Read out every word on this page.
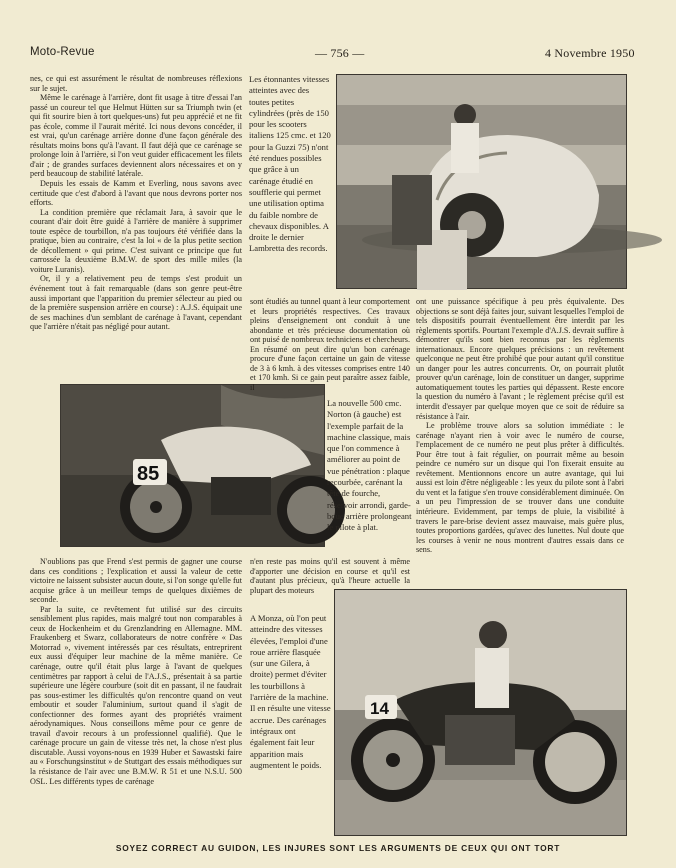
Moto-Revue	— 756 —	4 Novembre 1950

nes, ce qui est assurément le résultat de nombreuses réflexions sur le sujet.

Même le carénage à l'arrière, dont fit usage à titre d'essai l'an passé un coureur tel que Helmut Hütten sur sa Triumph twin (et qui fit sourire bien à tort quelques-uns) fut peu apprécié et ne fit pas école, comme il l'aurait mérité. Ici nous devons concéder, il est vrai, qu'un carénage arrière donne d'une façon générale des résultats moins bons qu'à l'avant. Il faut déjà que ce carénage se prolonge loin à l'arrière, si l'on veut guider efficacement les filets d'air ; de grandes surfaces deviennent alors nécessaires et on y perd beaucoup de stabilité latérale.

Depuis les essais de Kamm et Everling, nous savons avec certitude que c'est d'abord à l'avant que nous devrons porter nos efforts.

La condition première que réclamait Jara, à savoir que le courant d'air doit être guidé à l'arrière de manière à supprimer toute espèce de tourbillon, n'a pas toujours été vérifiée dans la pratique, bien au contraire, c'est la loi « de la plus petite section de décollement » qui prime. C'est suivant ce principe que fut carrossée la deuxième B.M.W. de sport des mille miles (la voiture Luranis).

Or, il y a relativement peu de temps s'est produit un événement tout à fait remarquable (dans son genre peut-être aussi important que l'apparition du premier sélecteur au pied ou de la première suspension arrière en course) : A.J.S. équipait une de ses machines d'un semblant de carénage à l'avant, cependant que l'arrière n'était pas négligé pour autant.

Les étonnantes vitesses atteintes avec des toutes petites cylindrées (près de 150 pour les scooters italiens 125 cmc. et 120 pour la Guzzi 75) n'ont été rendues possibles que grâce à un carénage étudié en soufflerie qui permet une utilisation optima du faible nombre de chevaux disponibles. A droite le dernier Lambretta des records.

85

La nouvelle 500 cmc. Norton (à gauche) est l'exemple parfait de la machine classique, mais que l'on commence à améliorer au point de vue pénétration : plaque recourbée, carénant la tête de fourche, réservoir arrondi, garde-boue arrière prolongeant le pilote à plat.

sont étudiés au tunnel quant à leur comportement et leurs propriétés respectives. Ces travaux pleins d'enseignement ont conduit à une abondante et très précieuse documentation où ont puisé de nombreux techniciens et chercheurs. En résumé on peut dire qu'un bon carénage procure d'une façon certaine un gain de vitesse de 3 à 6 kmh. à des vitesses comprises entre 140 et 170 kmh. Si ce gain peut paraître assez faible, il

ont une puissance spécifique à peu près équivalente. Des objections se sont déjà faites jour, suivant lesquelles l'emploi de tels dispositifs pourrait éventuellement être interdit par les règlements sportifs. Pourtant l'exemple d'A.J.S. devrait suffire à démontrer qu'ils sont bien reconnus par les règlements internationaux. Encore quelques précisions : un revêtement quelconque ne peut être prohibé que pour autant qu'il constitue un danger pour les autres concurrents. Or, on pourrait plutôt prouver qu'un carénage, loin de constituer un danger, supprime automatiquement toutes les parties qui dépassent. Reste encore la question du numéro à l'avant ; le règlement précise qu'il est interdit d'essayer par quelque moyen que ce soit de réduire sa résistance à l'air.

Le problème trouve alors sa solution immédiate : le carénage n'ayant rien à voir avec le numéro de course, l'emplacement de ce numéro ne peut plus prêter à difficultés. Pour être tout à fait régulier, on pourrait même au besoin peindre ce numéro sur un disque qui l'on fixerait ensuite au revêtement. Mentionnons encore un autre avantage, qui lui aussi est loin d'être négligeable : les yeux du pilote sont à l'abri du vent et la fatigue s'en trouve considérablement diminuée. On a un peu l'impression de se trouver dans une conduite intérieure. Evidemment, par temps de pluie, la visibilité à travers le pare-brise devient assez mauvaise, mais guère plus, toutes proportions gardées, qu'avec des lunettes. Nul doute que les courses à venir ne nous montrent d'autres essais dans ce sens.

N'oublions pas que Frend s'est permis de gagner une course dans ces conditions ; l'explication et aussi la valeur de cette victoire ne laissent subsister aucun doute, si l'on songe qu'elle fut acquise grâce à un meilleur temps de quelques dixièmes de seconde.

Par la suite, ce revêtement fut utilisé sur des circuits sensiblement plus rapides, mais malgré tout non comparables à ceux de Hockenheim et du Grenzlandring en Allemagne. MM. Fraukenberg et Swarz, collaborateurs de notre confrère « Das Motorrad », vivement intéressés par ces résultats, entreprirent eux aussi d'équiper leur machine de la même manière. Ce carénage, outre qu'il était plus large à l'avant de quelques centimètres par rapport à celui de l'A.J.S., présentait à sa partie supérieure une légère courbure (soit dit en passant, il ne faudrait pas sous-estimer les difficultés qu'on rencontre quand on veut emboutir et souder l'aluminium, surtout quand il s'agit de confectionner des formes ayant des propriétés vraiment aérodynamiques. Nous conseillons même pour ce genre de travail d'avoir recours à un professionnel qualifié). Que le carénage procure un gain de vitesse très net, la chose n'est plus discutable. Aussi voyons-nous en 1939 Huber et Sawastski faire au « Forschungsinstitut » de Stuttgart des essais méthodiques sur la résistance de l'air avec une B.M.W. R 51 et une N.S.U. 500 OSL. Les différents types de carénage

n'en reste pas moins qu'il est souvent à même d'apporter une décision en course et qu'il est d'autant plus précieux, qu'à l'heure actuelle la plupart des moteurs

A Monza, où l'on peut atteindre des vitesses élevées, l'emploi d'une roue arrière flasquée (sur une Gilera, à droite) permet d'éviter les tourbillons à l'arrière de la machine. Il en résulte une vitesse accrue. Des carénages intégraux ont également fait leur apparition mais augmentent le poids.

14
SOYEZ CORRECT AU GUIDON, LES INJURES SONT LES ARGUMENTS DE CEUX QUI ONT TORT
